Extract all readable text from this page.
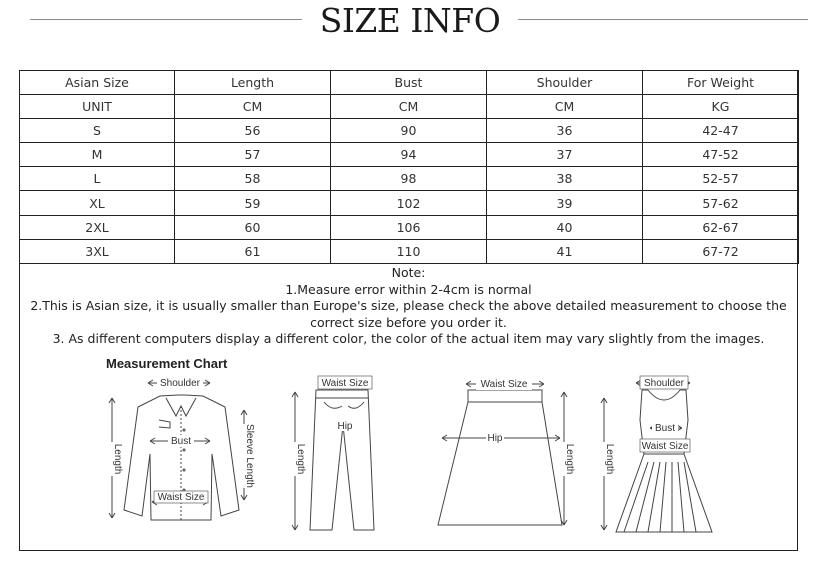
SIZE INFO
Asian Size	Length	Bust	Shoulder	For Weight
UNIT	CM	CM	CM	KG
S	56	90	36	42-47
M	57	94	37	47-52
L	58	98	38	52-57
XL	59	102	39	57-62
2XL	60	106	40	62-67
3XL	61	110	41	67-72
Note:
1.Measure error within 2-4cm is normal
2.This is Asian size, it is usually smaller than Europe's size, please check the above detailed measurement to choose the correct size before you order it.
3. As different computers display a different color, the color of the actual item may vary slightly from the images.
Measurement Chart
Shoulder
Bust
Waist Size
Length	Sleeve Length
Waist Size
Hip
Length
Waist Size
Hip
Length
Shoulder
Bust
Waist Size
Length
